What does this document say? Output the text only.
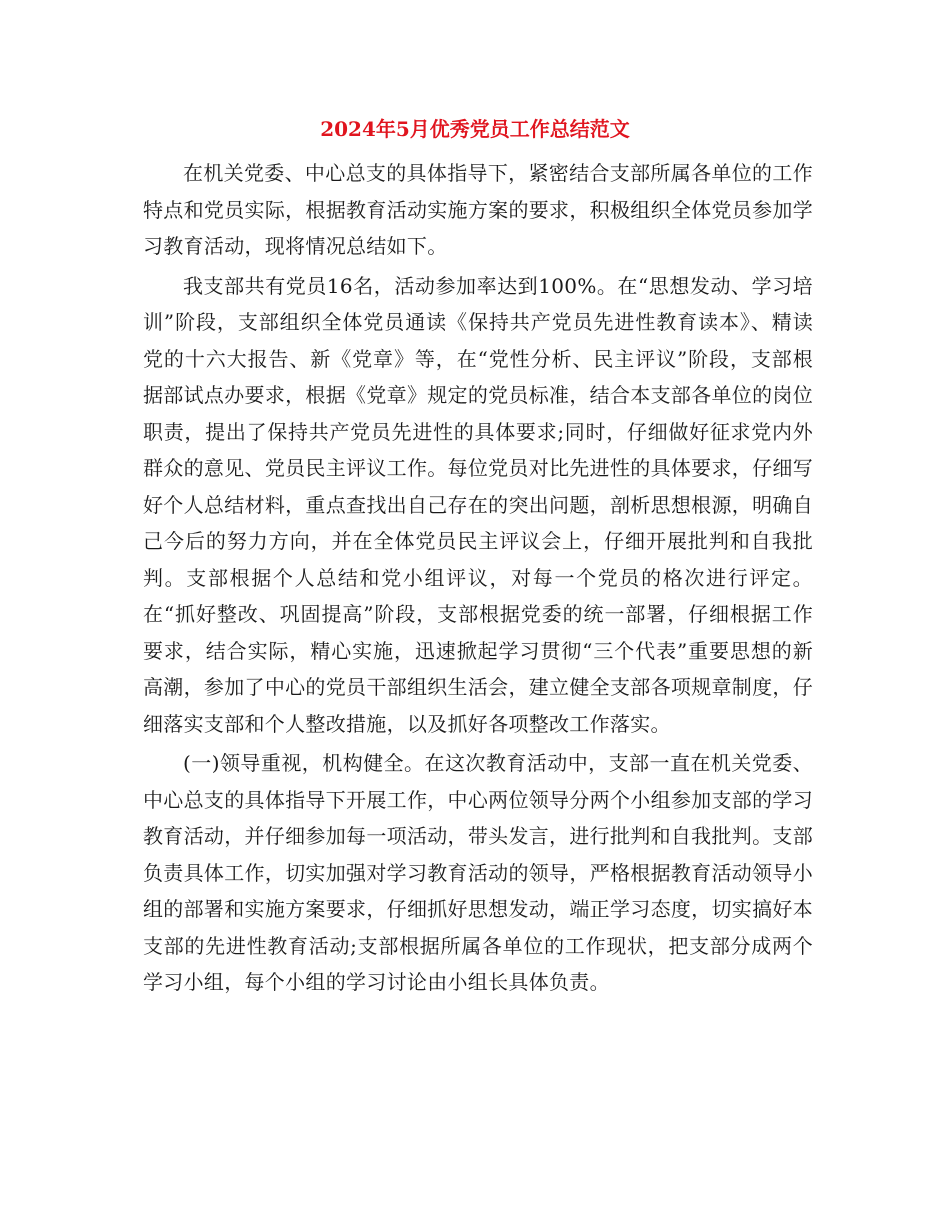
2024年5月优秀党员工作总结范文

在机关党委、中心总支的具体指导下，紧密结合支部所属各单位的工作特点和党员实际，根据教育活动实施方案的要求，积极组织全体党员参加学习教育活动，现将情况总结如下。

我支部共有党员16名，活动参加率达到100%。在“思想发动、学习培训”阶段，支部组织全体党员通读《保持共产党员先进性教育读本》、精读党的十六大报告、新《党章》等，在“党性分析、民主评议”阶段，支部根据部试点办要求，根据《党章》规定的党员标准，结合本支部各单位的岗位职责，提出了保持共产党员先进性的具体要求;同时，仔细做好征求党内外群众的意见、党员民主评议工作。每位党员对比先进性的具体要求，仔细写好个人总结材料，重点查找出自己存在的突出问题，剖析思想根源，明确自己今后的努力方向，并在全体党员民主评议会上，仔细开展批判和自我批判。支部根据个人总结和党小组评议，对每一个党员的格次进行评定。在“抓好整改、巩固提高”阶段，支部根据党委的统一部署，仔细根据工作要求，结合实际，精心实施，迅速掀起学习贯彻“三个代表”重要思想的新高潮，参加了中心的党员干部组织生活会，建立健全支部各项规章制度，仔细落实支部和个人整改措施，以及抓好各项整改工作落实。

(一)领导重视，机构健全。在这次教育活动中，支部一直在机关党委、中心总支的具体指导下开展工作，中心两位领导分两个小组参加支部的学习教育活动，并仔细参加每一项活动，带头发言，进行批判和自我批判。支部负责具体工作，切实加强对学习教育活动的领导，严格根据教育活动领导小组的部署和实施方案要求，仔细抓好思想发动，端正学习态度，切实搞好本支部的先进性教育活动;支部根据所属各单位的工作现状，把支部分成两个学习小组，每个小组的学习讨论由小组长具体负责。
